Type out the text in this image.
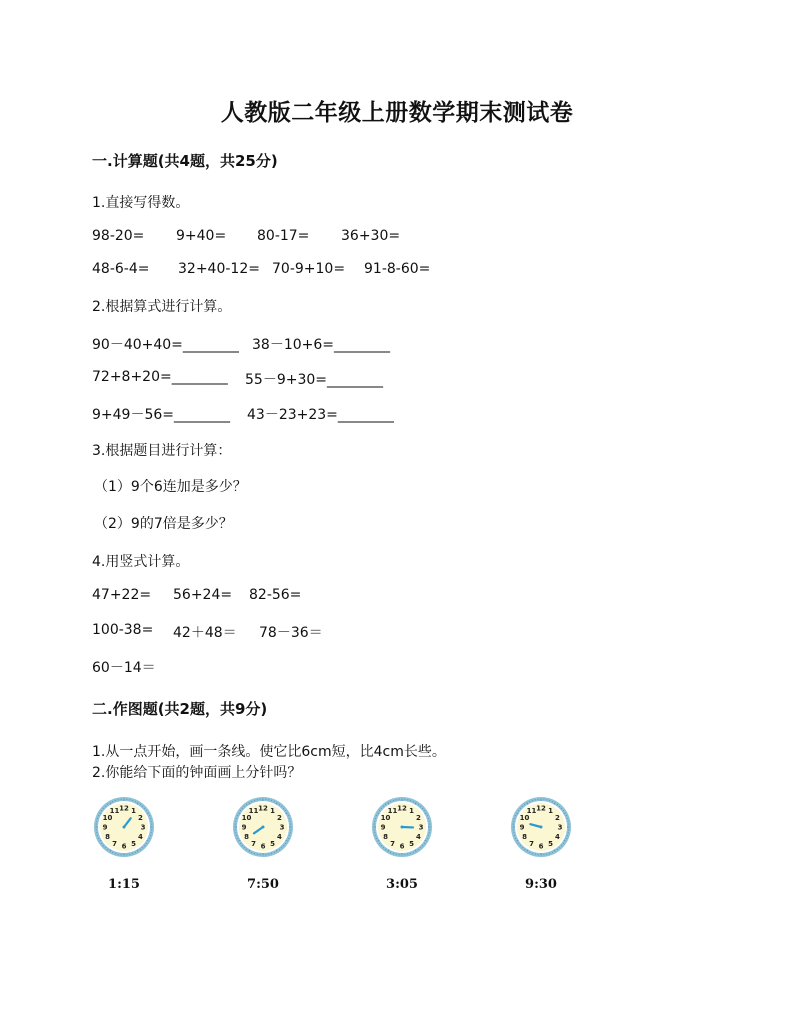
人教版二年级上册数学期末测试卷
一.计算题(共4题，共25分)
1.直接写得数。
98-20= 9+40= 80-17= 36+30=
48-6-4= 32+40-12= 70-9+10= 91-8-60=
2.根据算式进行计算。
90－40+40=________ 38－10+6=________
72+8+20=________ 55－9+30=________
9+49－56=________ 43－23+23=________
3.根据题目进行计算：
（1）9个6连加是多少？
（2）9的7倍是多少？
4.用竖式计算。
47+22= 56+24= 82-56=
100-38= 42＋48＝ 78－36＝
60－14＝
二.作图题(共2题，共9分)
1.从一点开始，画一条线。使它比6cm短，比4cm长些。
2.你能给下面的钟面画上分针吗？
1
2
3
4
5
6
7
8
9
10
11 12	1
2
3
4
5
6
7
8
9
10
11 12	1
2
3
4
5
6
7
8
9
10
11 12	1
2
3
4
5
6
7
8
9
10
11 12
1:15	7:50	3:05	9:30
